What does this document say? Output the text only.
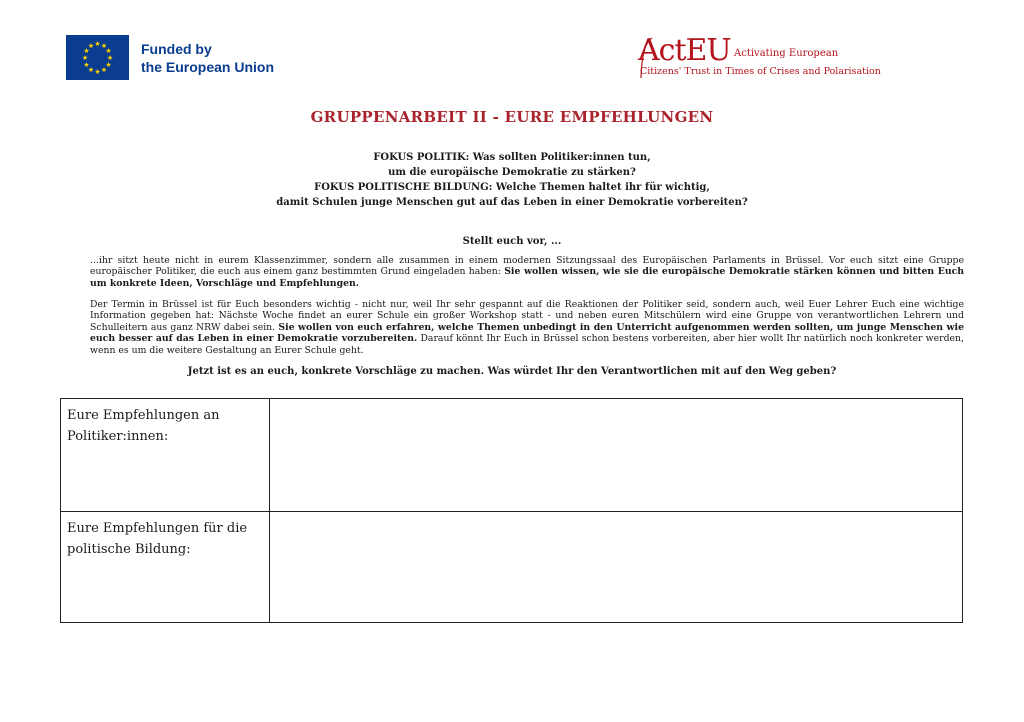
★ ★
★
★
★
★
★
★
★
★
★
★	Funded by
the European Union	ActEU Activating European
Citizens' Trust in Times of Crises and Polarisation
GRUPPENARBEIT II - EURE EMPFEHLUNGEN
FOKUS POLITIK: Was sollten Politiker:innen tun,
um die europäische Demokratie zu stärken?
FOKUS POLITISCHE BILDUNG: Welche Themen haltet ihr für wichtig,
damit Schulen junge Menschen gut auf das Leben in einer Demokratie vorbereiten?
Stellt euch vor, ...
...ihr sitzt heute nicht in eurem Klassenzimmer, sondern alle zusammen in einem modernen Sitzungssaal des Europäischen Parlaments in Brüssel. Vor euch sitzt eine Gruppe europäischer Politiker, die euch aus einem ganz bestimmten Grund eingeladen haben: Sie wollen wissen, wie sie die europäische Demokratie stärken können und bitten Euch um konkrete Ideen, Vorschläge und Empfehlungen.
Der Termin in Brüssel ist für Euch besonders wichtig - nicht nur, weil Ihr sehr gespannt auf die Reaktionen der Politiker seid, sondern auch, weil Euer Lehrer Euch eine wichtige Information gegeben hat: Nächste Woche findet an eurer Schule ein großer Workshop statt - und neben euren Mitschülern wird eine Gruppe von verantwortlichen Lehrern und Schulleitern aus ganz NRW dabei sein. Sie wollen von euch erfahren, welche Themen unbedingt in den Unterricht aufgenommen werden sollten, um junge Menschen wie euch besser auf das Leben in einer Demokratie vorzubereiten. Darauf könnt Ihr Euch in Brüssel schon bestens vorbereiten, aber hier wollt Ihr natürlich noch konkreter werden, wenn es um die weitere Gestaltung an Eurer Schule geht.
Jetzt ist es an euch, konkrete Vorschläge zu machen. Was würdet Ihr den Verantwortlichen mit auf den Weg geben?
Eure Empfehlungen an Politiker:innen:	
Eure Empfehlungen für die politische Bildung:	
